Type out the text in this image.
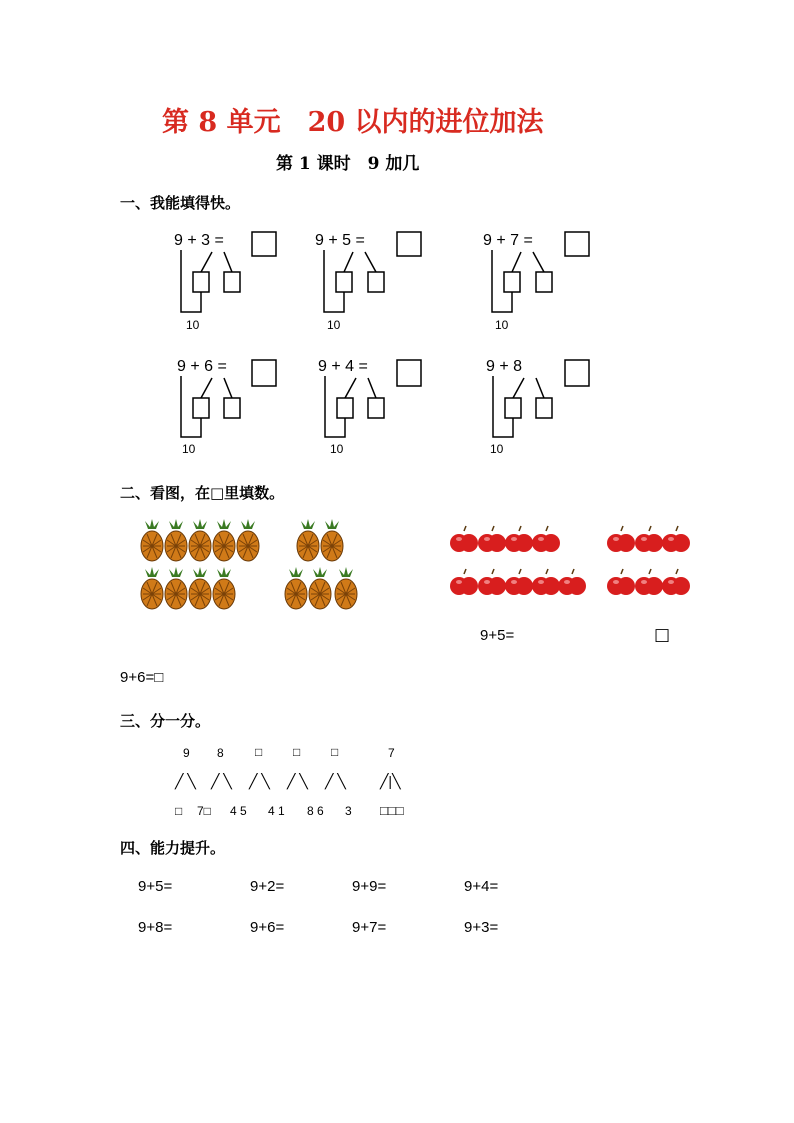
第 8 单元　20 以内的进位加法
第 1 课时　9 加几
一、我能填得快。
9 + 3 =
10
9 + 5 =
10
9 + 7 =
10
9 + 6 =
10
9 + 4 =
10
9 + 8
10
二、看图，在□里填数。
9+5=	□
9+6=□
三、分一分。
9 8	□	□	□	7
╱ ╲ ╱ ╲ ╱ ╲ ╱ ╲ ╱ ╲ ╱|╲
□ 7□ 4 5 4 1 8 6 3 □□□
四、能力提升。
9+5=	9+2=	9+9=	9+4=
9+8=	9+6=	9+7=	9+3=
